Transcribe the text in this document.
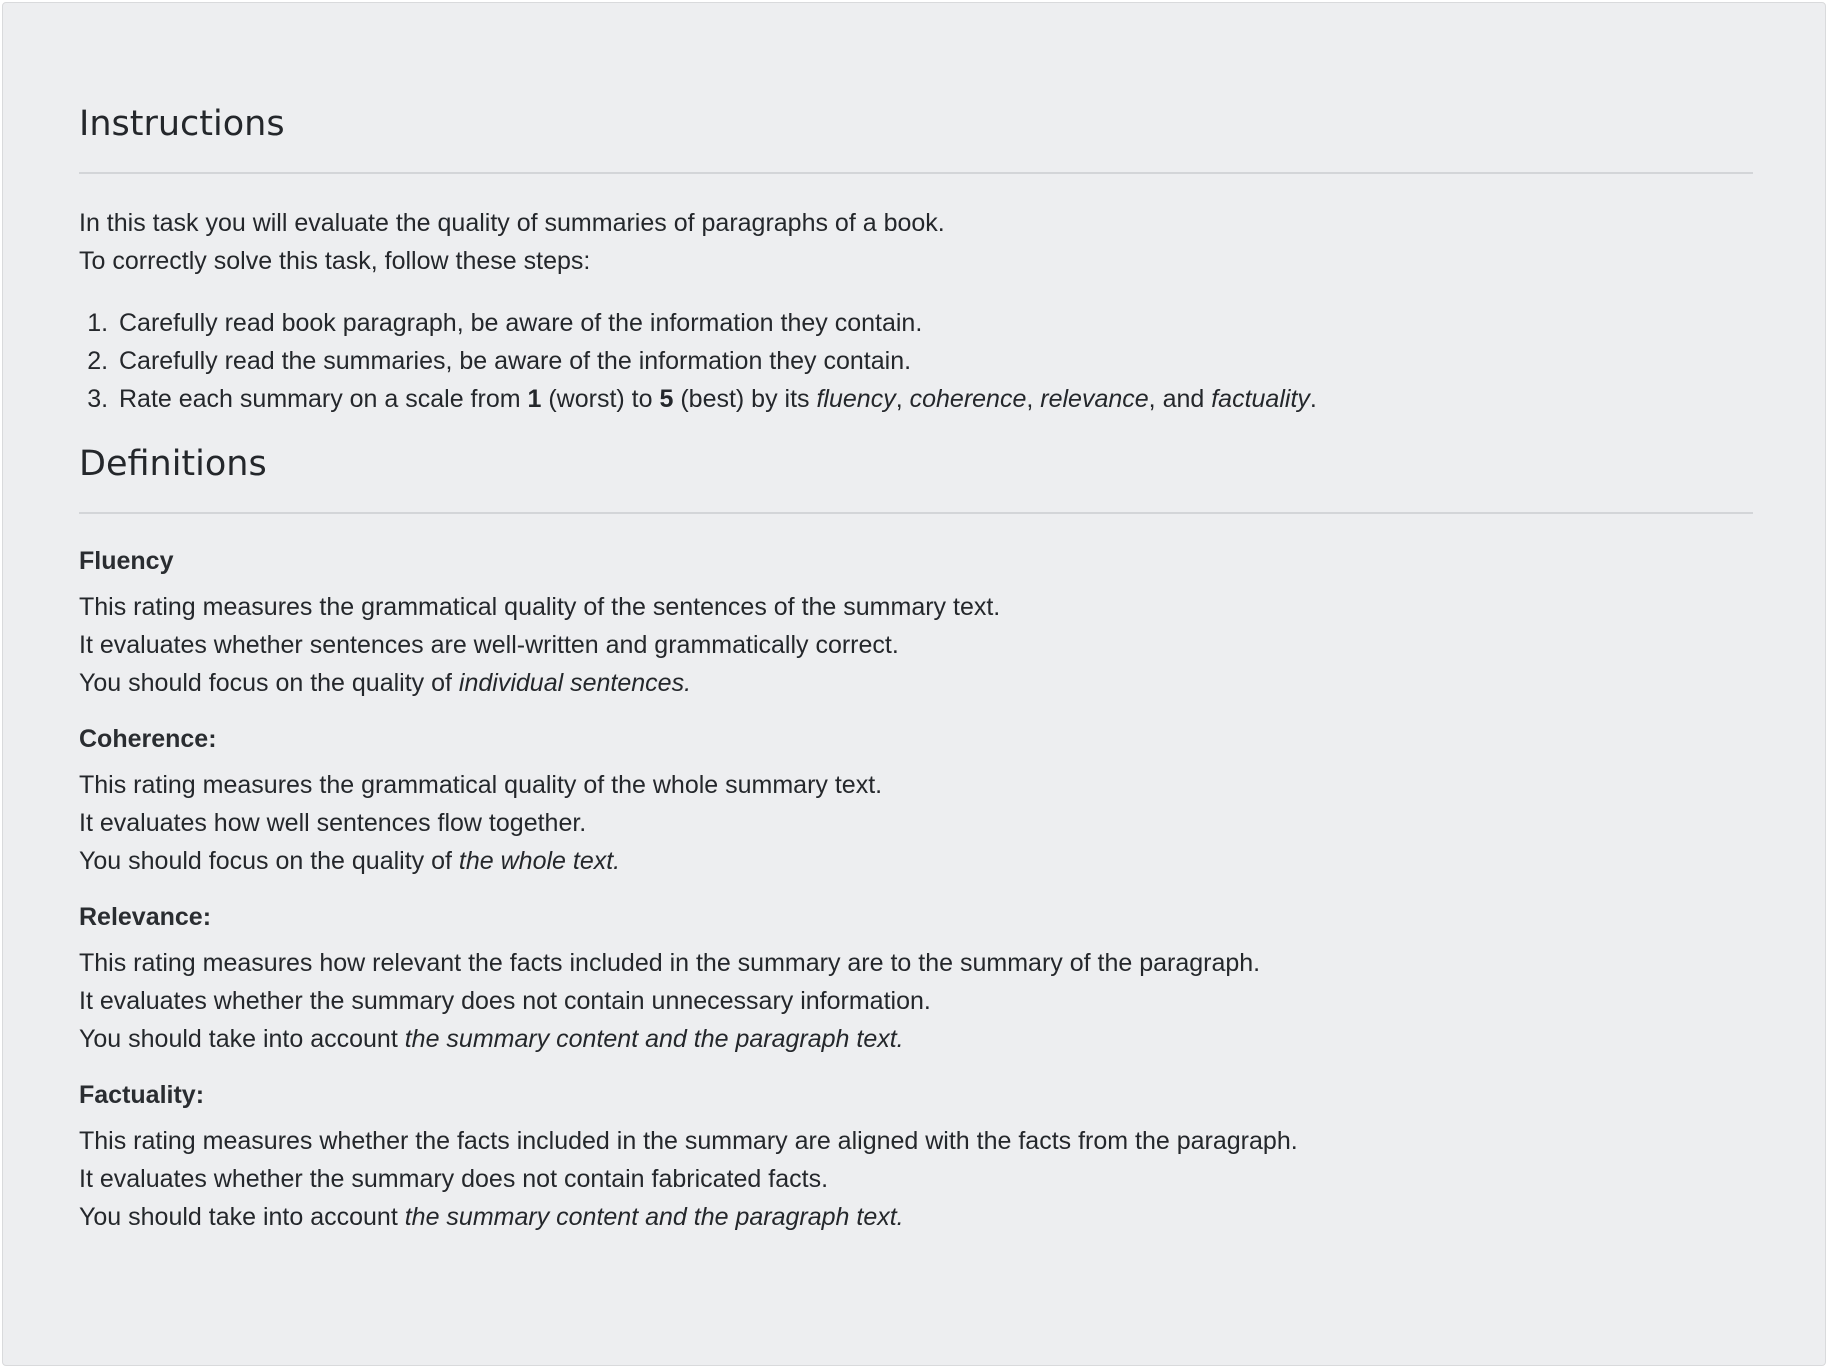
Instructions

In this task you will evaluate the quality of summaries of paragraphs of a book.

To correctly solve this task, follow these steps:

1. Carefully read book paragraph, be aware of the information they contain.
2. Carefully read the summaries, be aware of the information they contain.
3. Rate each summary on a scale from 1 (worst) to 5 (best) by its fluency, coherence, relevance, and factuality.
Definitions
Fluency

This rating measures the grammatical quality of the sentences of the summary text.

It evaluates whether sentences are well-written and grammatically correct.

You should focus on the quality of individual sentences.

Coherence:

This rating measures the grammatical quality of the whole summary text.

It evaluates how well sentences flow together.

You should focus on the quality of the whole text.

Relevance:

This rating measures how relevant the facts included in the summary are to the summary of the paragraph.

It evaluates whether the summary does not contain unnecessary information.

You should take into account the summary content and the paragraph text.

Factuality:

This rating measures whether the facts included in the summary are aligned with the facts from the paragraph.

It evaluates whether the summary does not contain fabricated facts.

You should take into account the summary content and the paragraph text.
